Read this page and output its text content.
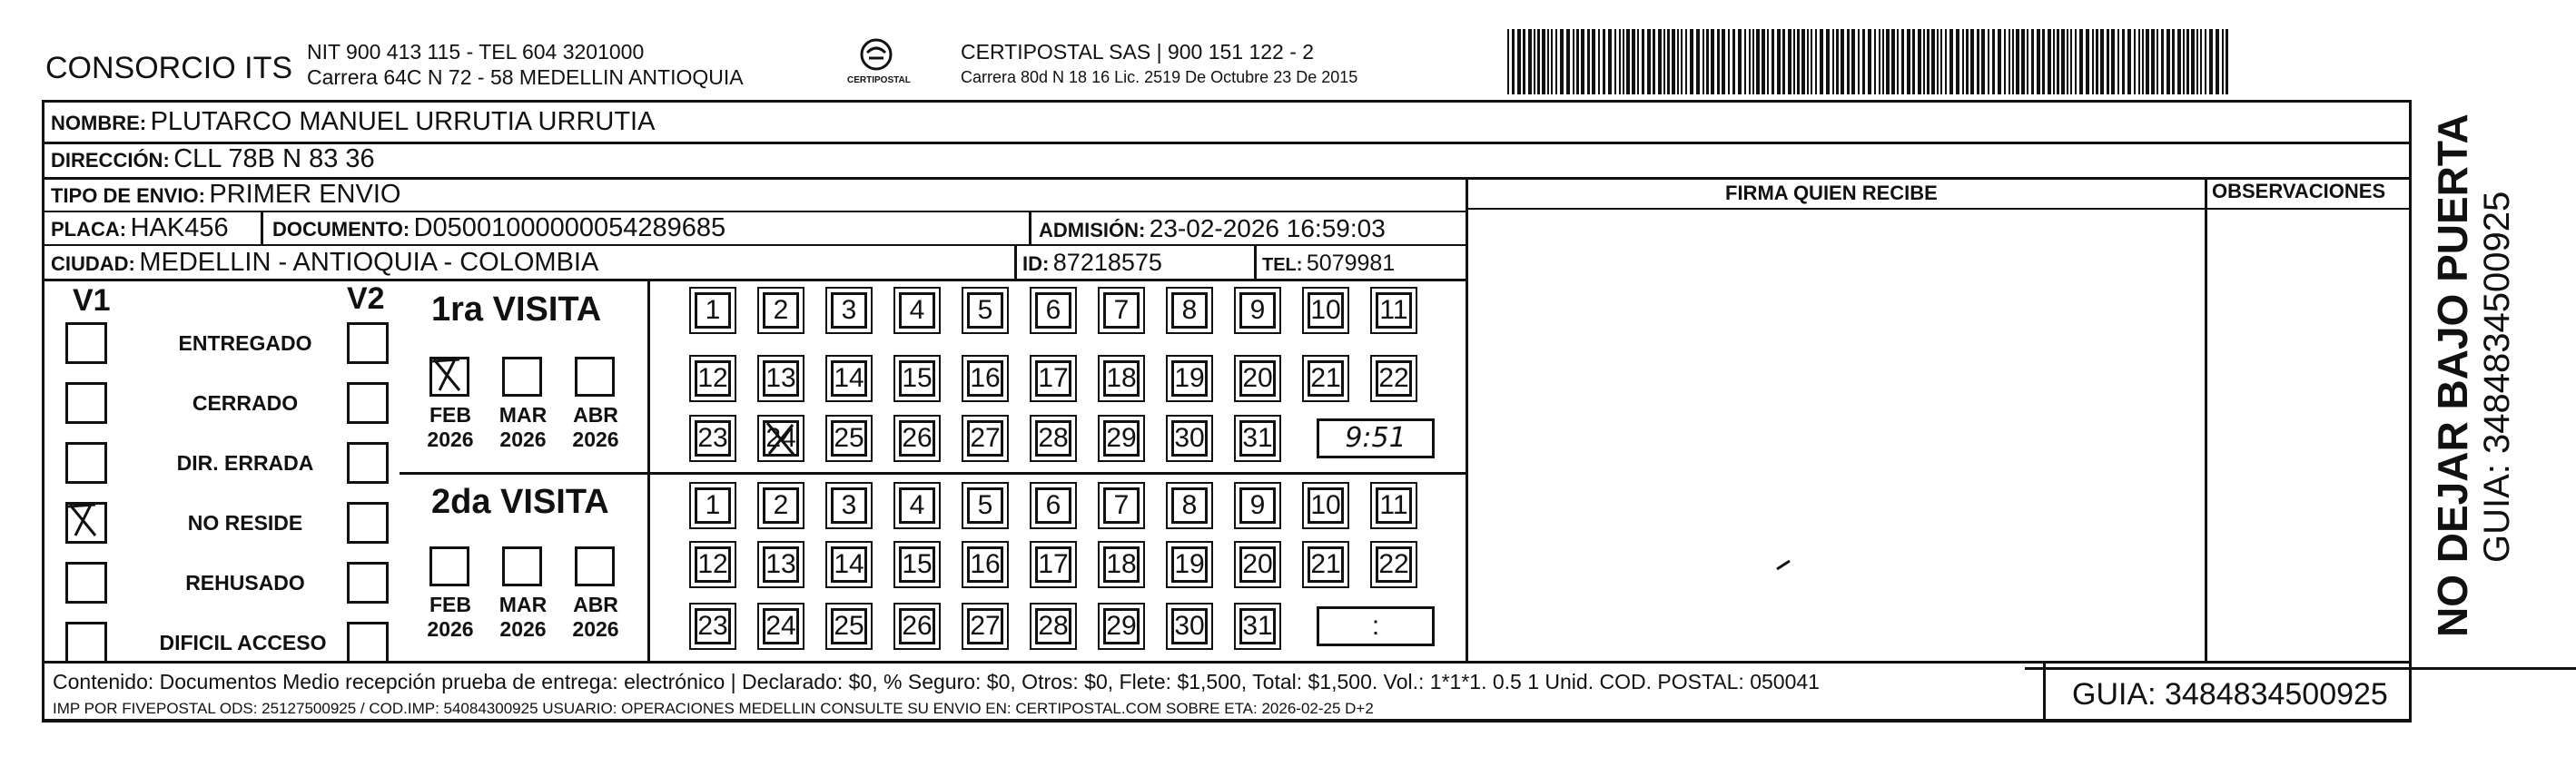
CONSORCIO ITS NIT 900 413 115 - TEL 604 3201000
Carrera 64C N 72 - 58 MEDELLIN ANTIOQUIA	CERTIPOSTAL
CERTIPOSTAL SAS | 900 151 122 - 2
Carrera 80d N 18 16 Lic. 2519 De Octubre 23 De 2015
NOMBRE: PLUTARCO MANUEL URRUTIA URRUTIA
DIRECCIÓN: CLL 78B N 83 36
TIPO DE ENVIO: PRIMER ENVIO
PLACA: HAK456 DOCUMENTO: D05001000000054289685	ADMISIÓN: 23-02-2026 16:59:03
CIUDAD: MEDELLIN - ANTIOQUIA - COLOMBIA	ID: 87218575	TEL: 5079981
FIRMA QUIEN RECIBE	OBSERVACIONES
V1	V2
ENTREGADO
CERRADO
DIR. ERRADA
NO RESIDE
REHUSADO
DIFICIL ACCESO
1ra VISITA
FEB
2026
MAR
2026
ABR
2026
1	2	3	4	5	6	7	8	9	10 11
12 13 14 15 16 17 18 19 20 21 22
23 24 25 26 27 28 29 30 31	9:51
2da VISITA
FEB
2026
MAR
2026
ABR
2026
1	2	3	4	5	6	7	8	9	10 11
12 13 14 15 16 17 18 19 20 21 22
23 24 25 26 27 28 29 30 31	:
Contenido: Documentos Medio recepción prueba de entrega: electrónico | Declarado: $0, % Seguro: $0, Otros: $0, Flete: $1,500, Total: $1,500. Vol.: 1*1*1. 0.5 1 Unid. COD. POSTAL: 050041
IMP POR FIVEPOSTAL ODS: 25127500925 / COD.IMP: 54084300925 USUARIO: OPERACIONES MEDELLIN CONSULTE SU ENVIO EN: CERTIPOSTAL.COM SOBRE ETA: 2026-02-25 D+2	GUIA: 3484834500925
NO DEJAR BAJO PUERTA GUIA: 3484834500925
